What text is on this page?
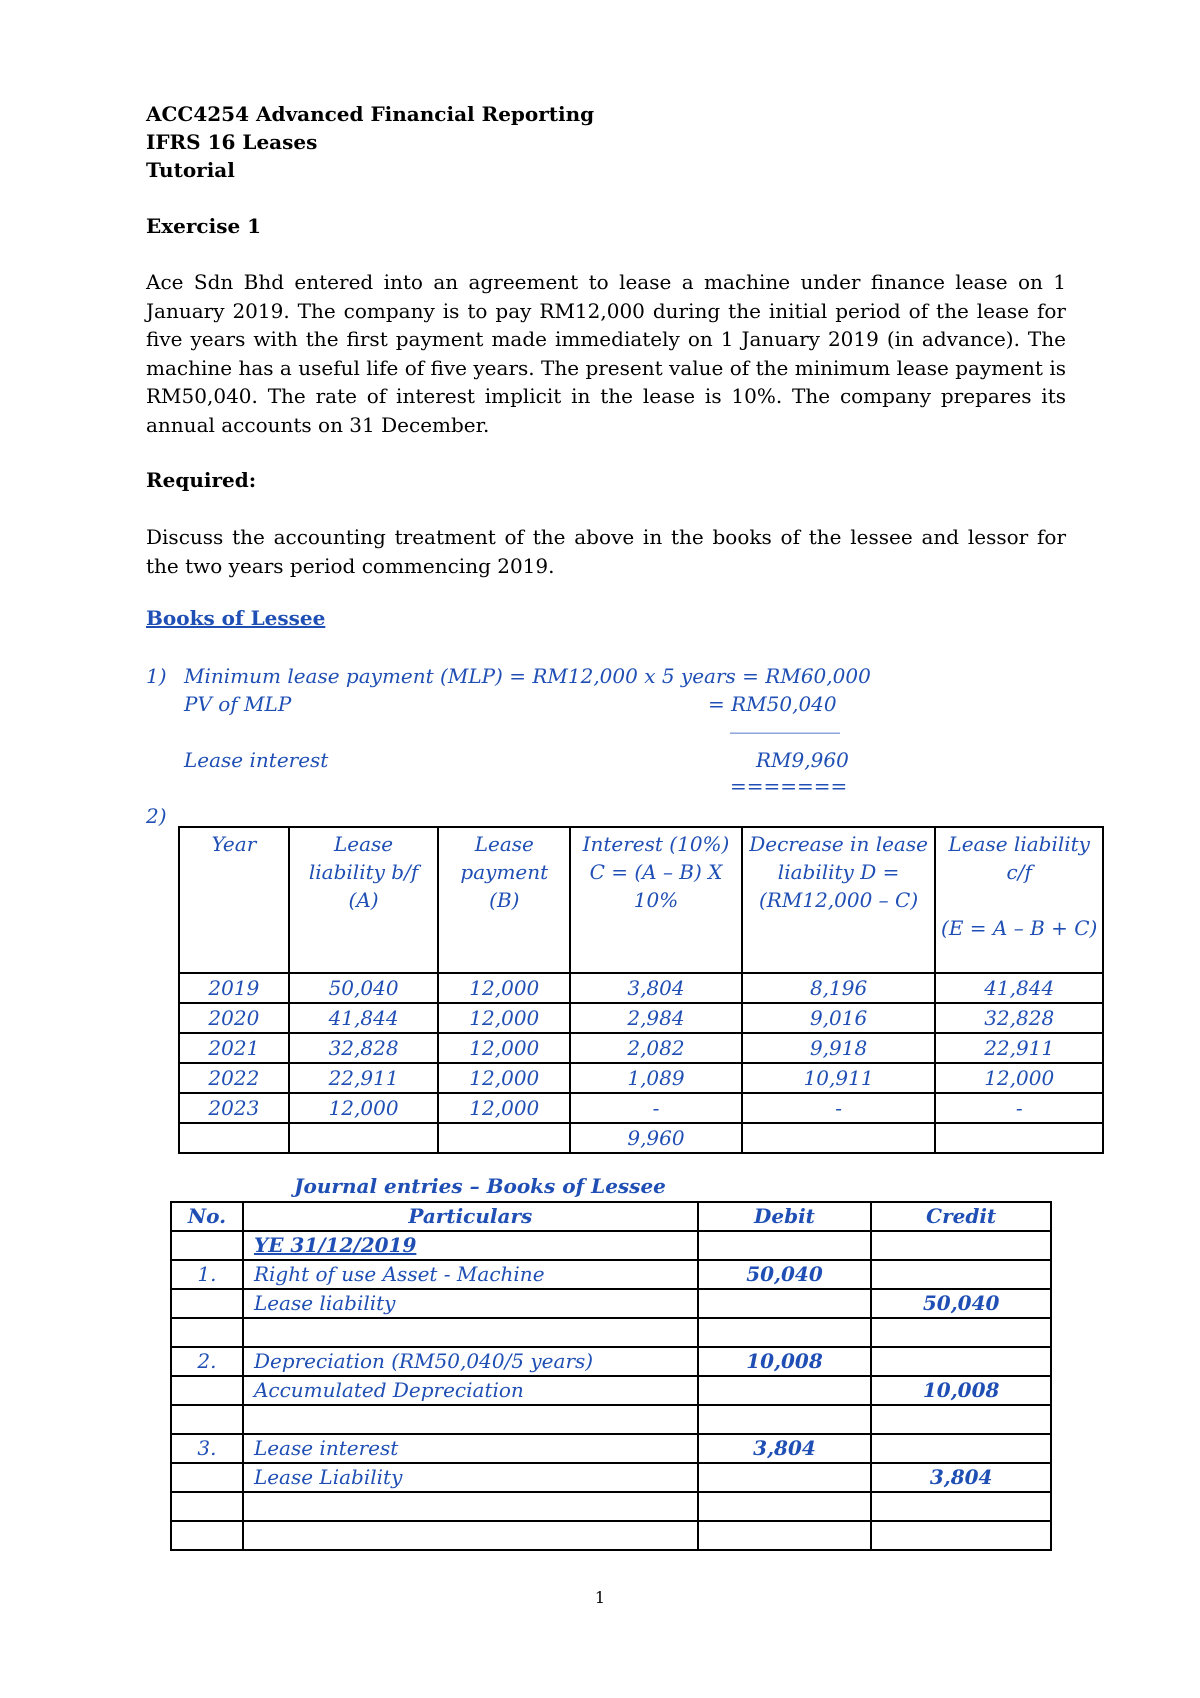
ACC4254 Advanced Financial Reporting
IFRS 16 Leases
Tutorial
Exercise 1
Ace Sdn Bhd entered into an agreement to lease a machine under finance lease on 1 January 2019. The company is to pay RM12,000 during the initial period of the lease for five years with the first payment made immediately on 1 January 2019 (in advance). The machine has a useful life of five years. The present value of the minimum lease payment is RM50,040. The rate of interest implicit in the lease is 10%. The company prepares its annual accounts on 31 December.
Required:
Discuss the accounting treatment of the above in the books of the lessee and lessor for the two years period commencing 2019.
Books of Lessee
1) Minimum lease payment (MLP) = RM12,000 x 5 years = RM60,000
PV of MLP	= RM50,040
___________
Lease interest	RM9,960
=======
2)
Year	Lease liability b/f (A)	Lease payment (B)	Interest (10%) C = (A – B) X 10%	Decrease in lease liability D = (RM12,000 – C)	Lease liability c/f

(E = A – B + C)
2019	50,040	12,000	3,804	8,196	41,844
2020	41,844	12,000	2,984	9,016	32,828
2021	32,828	12,000	2,082	9,918	22,911
2022	22,911	12,000	1,089	10,911	12,000
2023	12,000	12,000	-	-	-
			9,960		
Journal entries – Books of Lessee
No.	Particulars	Debit	Credit
	YE 31/12/2019		
1.	Right of use Asset - Machine	50,040	
	Lease liability		50,040

2.	Depreciation (RM50,040/5 years)	10,008	
	Accumulated Depreciation		10,008

3.	Lease interest	3,804	
	Lease Liability		3,804

1
